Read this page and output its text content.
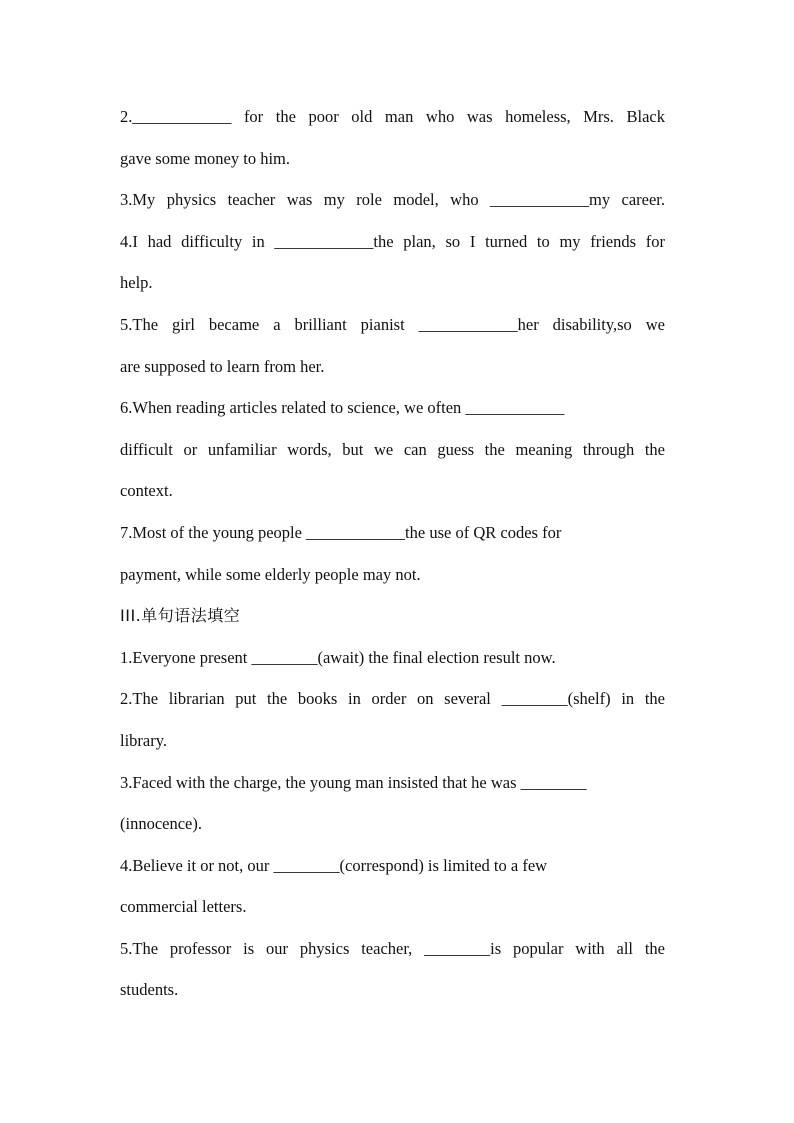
2.____________ for the poor old man who was homeless, Mrs. Black
gave some money to him.
3.My physics teacher was my role model, who ____________my career.
4.I had difficulty in ____________the plan, so I turned to my friends for
help.
5.The girl became a brilliant pianist ____________her disability,so we
are supposed to learn from her.
6.When reading articles related to science, we often ____________
difficult or unfamiliar words, but we can guess the meaning through the
context.
7.Most of the young people ____________the use of QR codes for
payment, while some elderly people may not.
III.单句语法填空
1.Everyone present ________(await) the final election result now.
2.The librarian put the books in order on several ________(shelf) in the
library.
3.Faced with the charge, the young man insisted that he was ________
(innocence).
4.Believe it or not, our ________(correspond) is limited to a few
commercial letters.
5.The professor is our physics teacher, ________is popular with all the
students.
